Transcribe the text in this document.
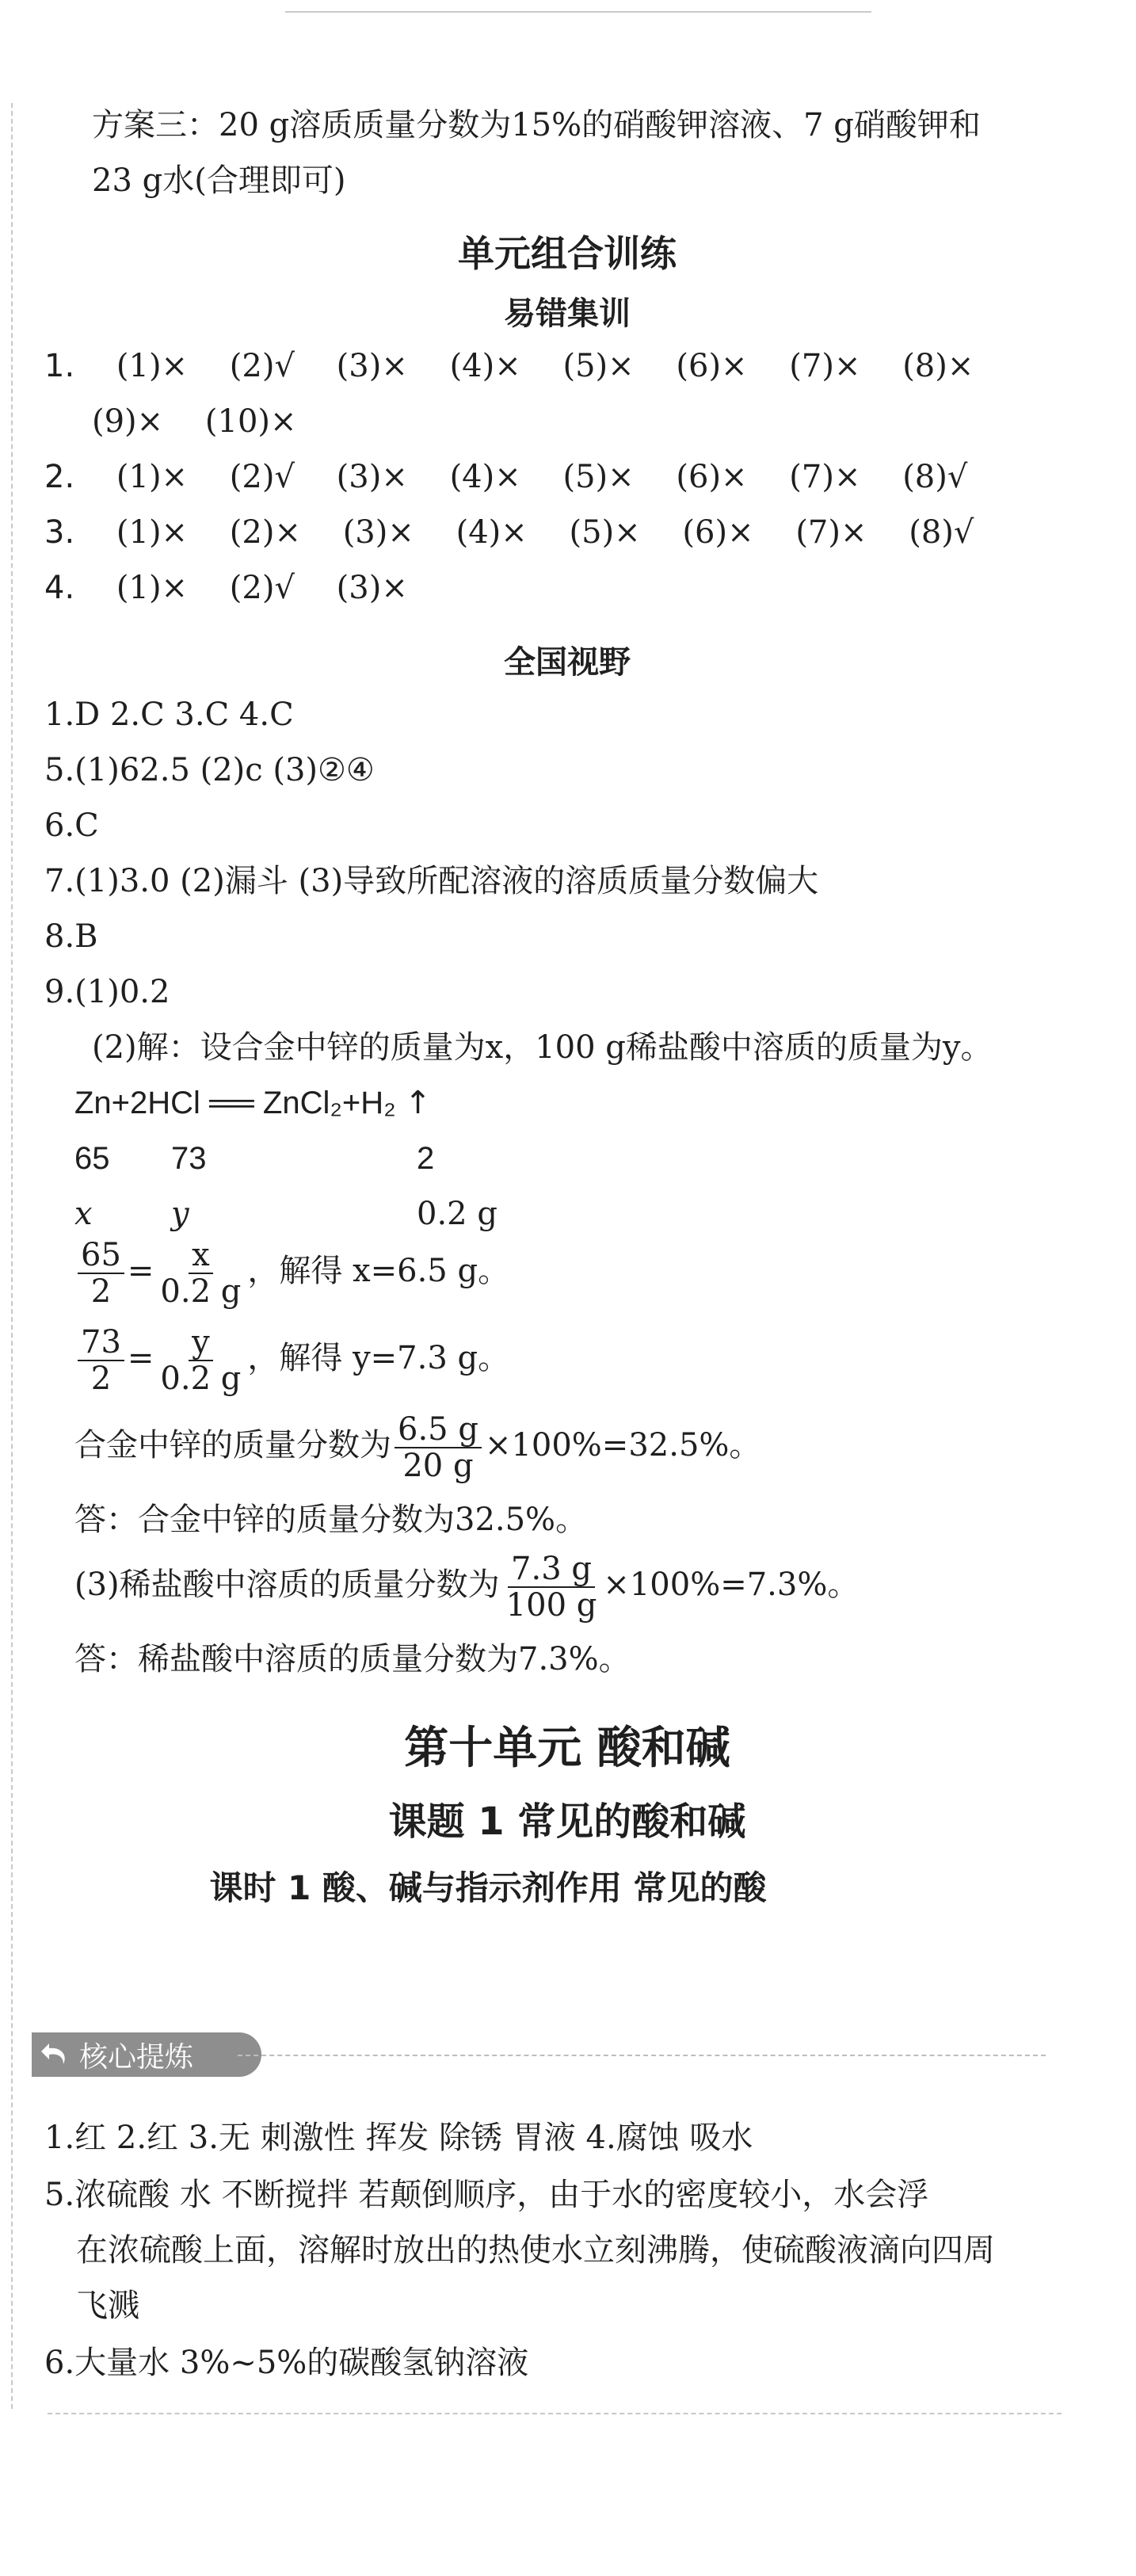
方案三：20 g溶质质量分数为15%的硝酸钾溶液、7 g硝酸钾和
23 g水(合理即可)
单元组合训练
易错集训
1. (1)× (2)√ (3)× (4)× (5)× (6)× (7)× (8)×
(9)× (10)×
2. (1)× (2)√ (3)× (4)× (5)× (6)× (7)× (8)√
3. (1)× (2)× (3)× (4)× (5)× (6)× (7)× (8)√
4. (1)× (2)√ (3)×
全国视野
1.D 2.C 3.C 4.C
5.(1)62.5 (2)c (3)②④
6.C
7.(1)3.0 (2)漏斗 (3)导致所配溶液的溶质质量分数偏大
8.B
9.(1)0.2
(2)解：设合金中锌的质量为x，100 g稀盐酸中溶质的质量为y。
Zn+2HCl ══ ZnCl₂+H₂ ↑
65 73	2
x y	0.2 g
$\frac{65}{2} = \frac{x}{0.2 g}$ ，解得 x=6.5 g。
$\frac{73}{2} = \frac{y}{0.2 g}$ ，解得 y=7.3 g。
合金中锌的质量分数为 $\frac{6.5 g}{20 g} \times 100\%=32.5\%$。
答：合金中锌的质量分数为32.5%。
(3)稀盐酸中溶质的质量分数为 $\frac{7.3 g}{100 g} \times 100\%=7.3\%$。
答：稀盐酸中溶质的质量分数为7.3%。
第十单元 酸和碱
课题 1 常见的酸和碱
课时 1 酸、碱与指示剂作用 常见的酸
1.红 2.红 3.无 刺激性 挥发 除锈 胃液 4.腐蚀 吸水
5.浓硫酸 水 不断搅拌 若颠倒顺序，由于水的密度较小，水会浮
在浓硫酸上面，溶解时放出的热使水立刻沸腾，使硫酸液滴向四周
飞溅
6.大量水 3%~5%的碳酸氢钠溶液
核心提炼
